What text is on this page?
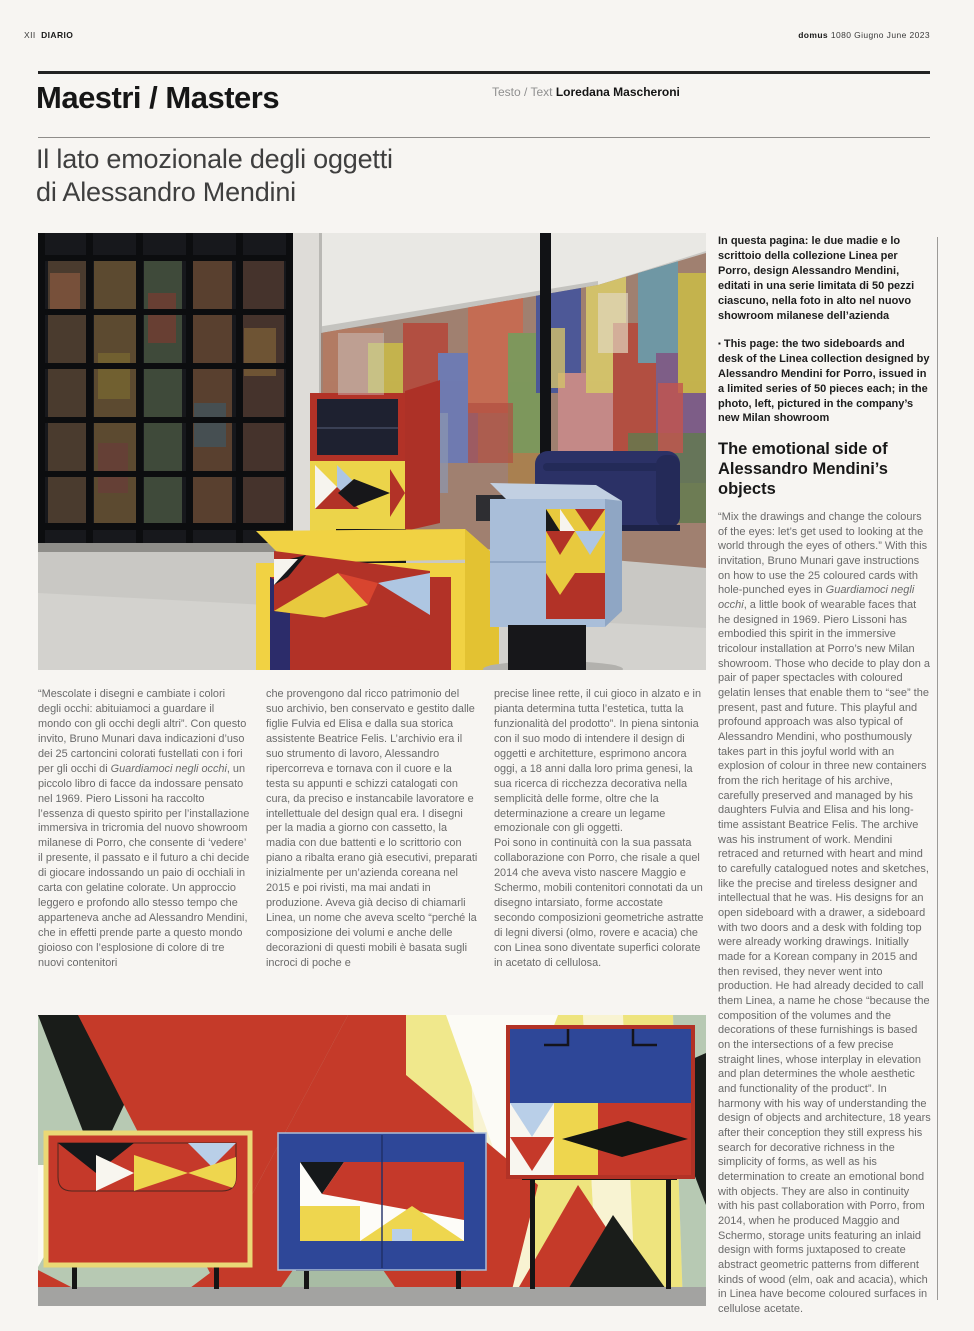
XII DIARIO	domus 1080 Giugno June 2023
Maestri / Masters	Testo / Text Loredana Mascheroni
Il lato emozionale degli oggetti
di Alessandro Mendini
In questa pagina: le due madie e lo scrittoio della collezione Linea per Porro, design Alessandro Mendini, editati in una serie limitata di 50 pezzi ciascuno, nella foto in alto nel nuovo showroom milanese dell’azienda
▪ This page: the two sideboards and desk of the Linea collection designed by Alessandro Mendini for Porro, issued in a limited series of 50 pieces each; in the photo, left, pictured in the company’s new Milan showroom
The emotional side of Alessandro Mendini’s objects
“Mix the drawings and change the colours of the eyes: let’s get used to looking at the world through the eyes of others.” With this invitation, Bruno Munari gave instructions on how to use the 25 coloured cards with hole-punched eyes in Guardiamoci negli occhi, a little book of wearable faces that he designed in 1969. Piero Lissoni has embodied this spirit in the immersive tricolour installation at Porro’s new Milan showroom. Those who decide to play don a pair of paper spectacles with coloured gelatin lenses that enable them to “see” the present, past and future. This playful and profound approach was also typical of Alessandro Mendini, who posthumously takes part in this joyful world with an explosion of colour in three new containers from the rich heritage of his archive, carefully preserved and managed by his daughters Fulvia and Elisa and his long-time assistant Beatrice Felis. The archive was his instrument of work. Mendini retraced and returned with heart and mind to carefully catalogued notes and sketches, like the precise and tireless designer and intellectual that he was. His designs for an open sideboard with a drawer, a sideboard with two doors and a desk with folding top were already working drawings. Initially made for a Korean company in 2015 and then revised, they never went into production. He had already decided to call them Linea, a name he chose “because the composition of the volumes and the decorations of these furnishings is based on the intersections of a few precise straight lines, whose interplay in elevation and plan determines the whole aesthetic and functionality of the product”. In harmony with his way of understanding the design of objects and architecture, 18 years after their conception they still express his search for decorative richness in the simplicity of forms, as well as his determination to create an emotional bond with objects. They are also in continuity with his past collaboration with Porro, from 2014, when he produced Maggio and Schermo, storage units featuring an inlaid design with forms juxtaposed to create abstract geometric patterns from different kinds of wood (elm, oak and acacia), which in Linea have become coloured surfaces in cellulose acetate.
“Mescolate i disegni e cambiate i colori degli occhi: abituiamoci a guardare il mondo con gli occhi degli altri”. Con questo invito, Bruno Munari dava indicazioni d’uso dei 25 cartoncini colorati fustellati con i fori per gli occhi di Guardiamoci negli occhi, un piccolo libro di facce da indossare pensato nel 1969. Piero Lissoni ha raccolto l’essenza di questo spirito per l’installazione immersiva in tricromia del nuovo showroom milanese di Porro, che consente di ‘vedere’ il presente, il passato e il futuro a chi decide di giocare indossando un paio di occhiali in carta con gelatine colorate. Un approccio leggero e profondo allo stesso tempo che apparteneva anche ad Alessandro Mendini, che in effetti prende parte a questo mondo gioioso con l’esplosione di colore di tre nuovi contenitori
che provengono dal ricco patrimonio del suo archivio, ben conservato e gestito dalle figlie Fulvia ed Elisa e dalla sua storica assistente Beatrice Felis. L’archivio era il suo strumento di lavoro, Alessandro ripercorreva e tornava con il cuore e la testa su appunti e schizzi catalogati con cura, da preciso e instancabile lavoratore e intellettuale del design qual era. I disegni per la madia a giorno con cassetto, la madia con due battenti e lo scrittorio con piano a ribalta erano già esecutivi, preparati inizialmente per un’azienda coreana nel 2015 e poi rivisti, ma mai andati in produzione. Aveva già deciso di chiamarli Linea, un nome che aveva scelto “perché la composizione dei volumi e anche delle decorazioni di questi mobili è basata sugli incroci di poche e
precise linee rette, il cui gioco in alzato e in pianta determina tutta l’estetica, tutta la funzionalità del prodotto”. In piena sintonia con il suo modo di intendere il design di oggetti e architetture, esprimono ancora oggi, a 18 anni dalla loro prima genesi, la sua ricerca di ricchezza decorativa nella semplicità delle forme, oltre che la determinazione a creare un legame emozionale con gli oggetti.
Poi sono in continuità con la sua passata collaborazione con Porro, che risale a quel 2014 che aveva visto nascere Maggio e Schermo, mobili contenitori connotati da un disegno intarsiato, forme accostate secondo composizioni geometriche astratte di legni diversi (olmo, rovere e acacia) che con Linea sono diventate superfici colorate in acetato di cellulosa.
